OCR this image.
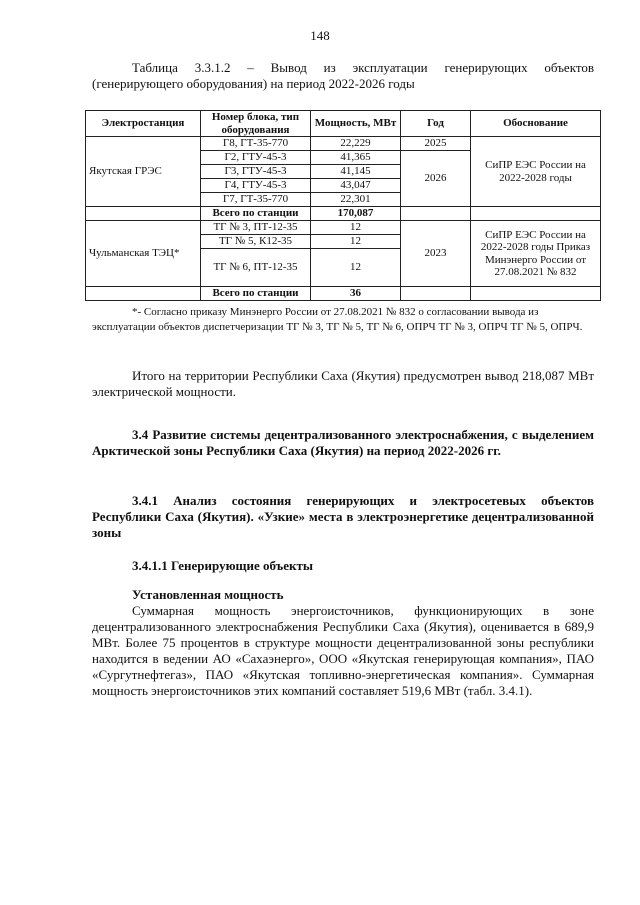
148
Таблица 3.3.1.2 – Вывод из эксплуатации генерирующих объектов
(генерирующего оборудования) на период 2022-2026 годы
Электростанция	Номер блока, тип оборудования	Мощность, МВт	Год	Обоснование
Якутская ГРЭС	Г8, ГТ-35-770	22,229	2025	СиПР ЕЭС России на 2022-2028 годы
	Г2, ГТУ-45-3	41,365	2026	
	Г3, ГТУ-45-3	41,145		
	Г4, ГТУ-45-3	43,047		
	Г7, ГТ-35-770	22,301		
	Всего по станции	170,087		
Чульманская ТЭЦ*	ТГ № 3, ПТ-12-35	12	2023	СиПР ЕЭС России на 2022-2028 годы Приказ Минэнерго России от 27.08.2021 № 832
	ТГ № 5, К12-35	12		
	ТГ № 6, ПТ-12-35	12		
	Всего по станции	36		
*- Согласно приказу Минэнерго России от 27.08.2021 № 832 о согласовании вывода из
эксплуатации объектов диспетчеризации ТГ № 3, ТГ № 5, ТГ № 6, ОПРЧ ТГ № 3, ОПРЧ ТГ № 5, ОПРЧ.
Итого на территории Республики Саха (Якутия) предусмотрен вывод 218,087 МВт электрической мощности.
3.4 Развитие системы децентрализованного электроснабжения, с выделением Арктической зоны Республики Саха (Якутия) на период 2022-2026 гг.
3.4.1 Анализ состояния генерирующих и электросетевых объектов Республики Саха (Якутия). «Узкие» места в электроэнергетике децентрализованной зоны
3.4.1.1 Генерирующие объекты
Установленная мощность
Суммарная мощность энергоисточников, функционирующих в зоне децентрализованного электроснабжения Республики Саха (Якутия), оценивается в 689,9 МВт. Более 75 процентов в структуре мощности децентрализованной зоны республики находится в ведении АО «Сахаэнерго», ООО «Якутская генерирующая компания», ПАО «Сургутнефтегаз», ПАО «Якутская топливно-энергетическая компания». Суммарная мощность энергоисточников этих компаний составляет 519,6 МВт (табл. 3.4.1).
